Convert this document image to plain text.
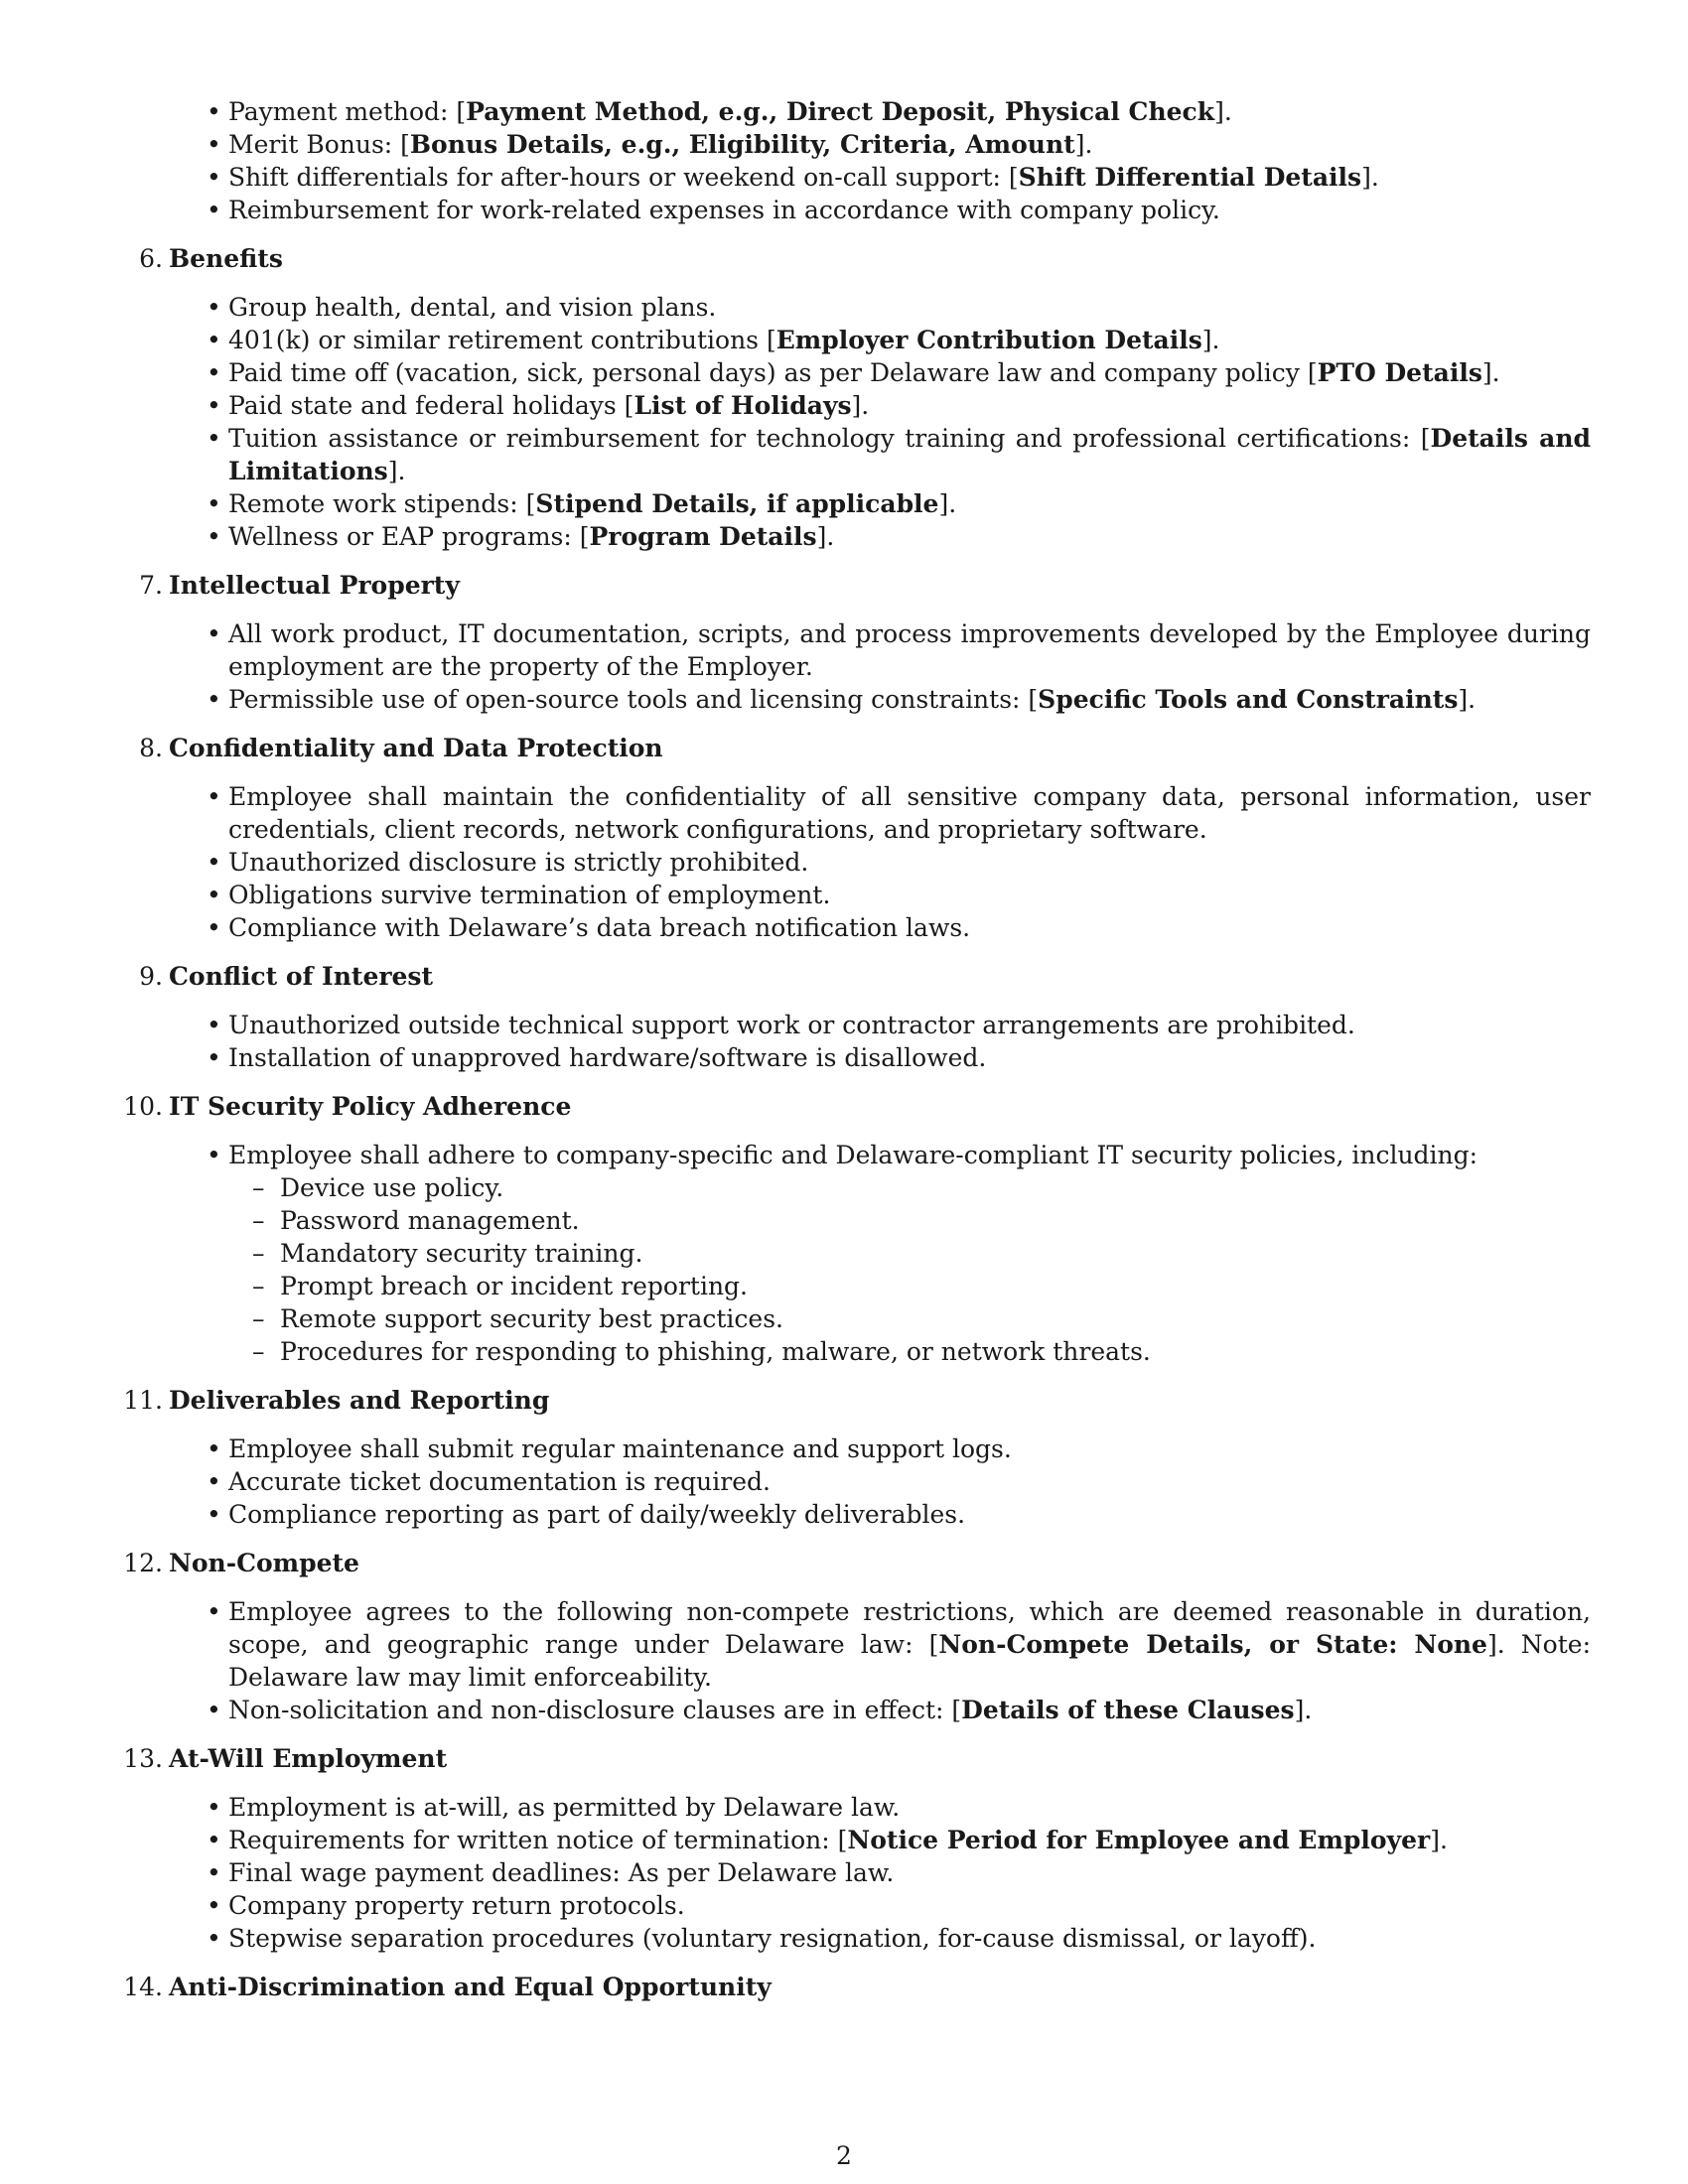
• Payment method: [Payment Method, e.g., Direct Deposit, Physical Check].
• Merit Bonus: [Bonus Details, e.g., Eligibility, Criteria, Amount].
• Shift differentials for after-hours or weekend on-call support: [Shift Differential Details].
• Reimbursement for work-related expenses in accordance with company policy.
6 . Benefits
• Group health, dental, and vision plans.
• 401(k) or similar retirement contributions [Employer Contribution Details].
• Paid time off (vacation, sick, personal days) as per Delaware law and company policy [PTO Details].
• Paid state and federal holidays [List of Holidays].
• Tuition assistance or reimbursement for technology training and professional certifications: [Details and Limitations].
• Remote work stipends: [Stipend Details, if applicable].
• Wellness or EAP programs: [Program Details].
7 . Intellectual Property
• All work product, IT documentation, scripts, and process improvements developed by the Employee during employment are the property of the Employer.
• Permissible use of open-source tools and licensing constraints: [Specific Tools and Constraints].
8 . Confidentiality and Data Protection
• Employee shall maintain the confidentiality of all sensitive company data, personal information, user credentials, client records, network configurations, and proprietary software.
• Unauthorized disclosure is strictly prohibited.
• Obligations survive termination of employment.
• Compliance with Delaware’s data breach notification laws.
9 . Conflict of Interest
• Unauthorized outside technical support work or contractor arrangements are prohibited.
• Installation of unapproved hardware/software is disallowed.
10 . IT Security Policy Adherence
• Employee shall adhere to company-specific and Delaware-compliant IT security policies, including:
– Device use policy.
– Password management.
– Mandatory security training.
– Prompt breach or incident reporting.
– Remote support security best practices.
– Procedures for responding to phishing, malware, or network threats.
11 . Deliverables and Reporting
• Employee shall submit regular maintenance and support logs.
• Accurate ticket documentation is required.
• Compliance reporting as part of daily/weekly deliverables.
12 . Non-Compete
• Employee agrees to the following non-compete restrictions, which are deemed reasonable in duration, scope, and geographic range under Delaware law: [Non-Compete Details, or State: None]. Note: Delaware law may limit enforceability.
• Non-solicitation and non-disclosure clauses are in effect: [Details of these Clauses].
13 . At-Will Employment
• Employment is at-will, as permitted by Delaware law.
• Requirements for written notice of termination: [Notice Period for Employee and Employer].
• Final wage payment deadlines: As per Delaware law.
• Company property return protocols.
• Stepwise separation procedures (voluntary resignation, for-cause dismissal, or layoff).
14 . Anti-Discrimination and Equal Opportunity
2
